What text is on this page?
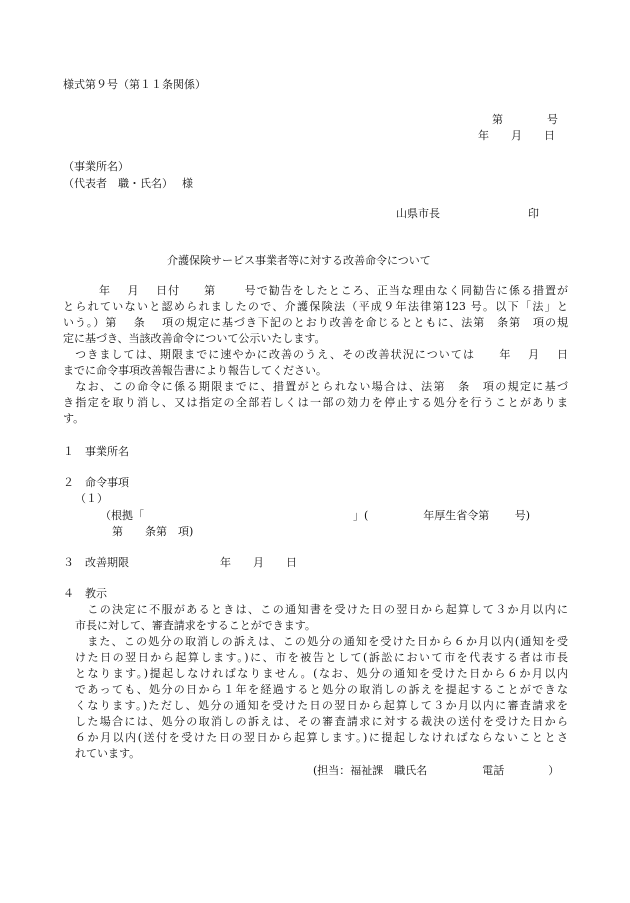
様式第９号（第１１条関係）
第　　　　号
年　　月　　日
（事業所名）
（代表者　職・氏名）　 様
山県市長　　　　　　　　印
介護保険サービス事業者等に対する改善命令について
　　　年　 月　 日付　　第　　 号で勧告をしたところ、正当な理由なく同勧告に係る措置が
とられていないと認められましたので、介護保険法（平成９年法律第123 号。以下「法」と
いう。）第　 条　 項の規定に基づき下記のとおり改善を命じるとともに、法第　条第　項の規
定に基づき、当該改善命令について公示いたします。
　つきましては、期限までに速やかに改善のうえ、その改善状況については　　年　 月　 日
までに命令事項改善報告書により報告してください。
　なお、この命令に係る期限までに、措置がとられない場合は、法第　条　項の規定に基づ
き指定を取り消し、又は指定の全部若しくは一部の効力を停止する処分を行うことがありま
す。
１　事業所名
２　命令事項
（１）
（根拠「　　　　　　　　　　　　　　　　　　　」(　　　　　年厚生省令第　　 号)
第　　条第　項)
３　改善期限	年　　月　　日
４　教示
　この決定に不服があるときは、この通知書を受けた日の翌日から起算して３か月以内に
市長に対して、審査請求をすることができます。
　また、この処分の取消しの訴えは、この処分の通知を受けた日から６か月以内(通知を受
けた日の翌日から起算します。)に、市を被告として(訴訟において市を代表する者は市長
となります。)提起しなければなりません。(なお、処分の通知を受けた日から６か月以内
であっても、処分の日から１年を経過すると処分の取消しの訴えを提起することができな
くなります。)ただし、処分の通知を受けた日の翌日から起算して３か月以内に審査請求を
した場合には、処分の取消しの訴えは、その審査請求に対する裁決の送付を受けた日から
６か月以内(送付を受けた日の翌日から起算します。)に提起しなければならないこととさ
れています。
(担当：福祉課　職氏名　　　　　電話　　　　）
